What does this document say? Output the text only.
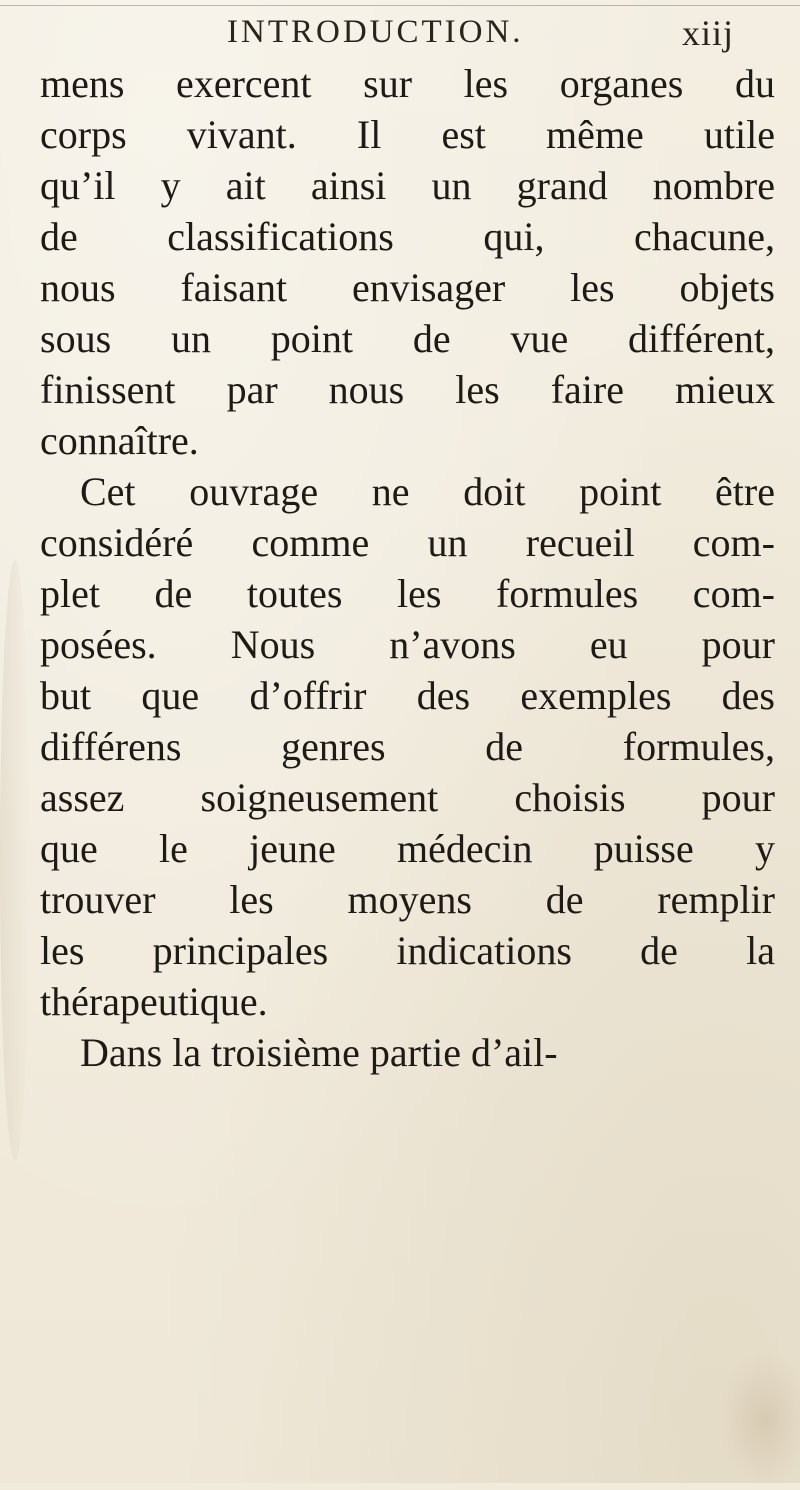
INTRODUCTION.	xiij
mens exercent sur les organes du
corps vivant. Il est même utile
qu’il y ait ainsi un grand nombre
de classifications qui, chacune,
nous faisant envisager les objets
sous un point de vue différent,
finissent par nous les faire mieux
connaître.
Cet ouvrage ne doit point être
considéré comme un recueil com-
plet de toutes les formules com-
posées. Nous n’avons eu pour
but que d’offrir des exemples des
différens genres de formules,
assez soigneusement choisis pour
que le jeune médecin puisse y
trouver les moyens de remplir
les principales indications de la
thérapeutique.
Dans la troisième partie d’ail-
